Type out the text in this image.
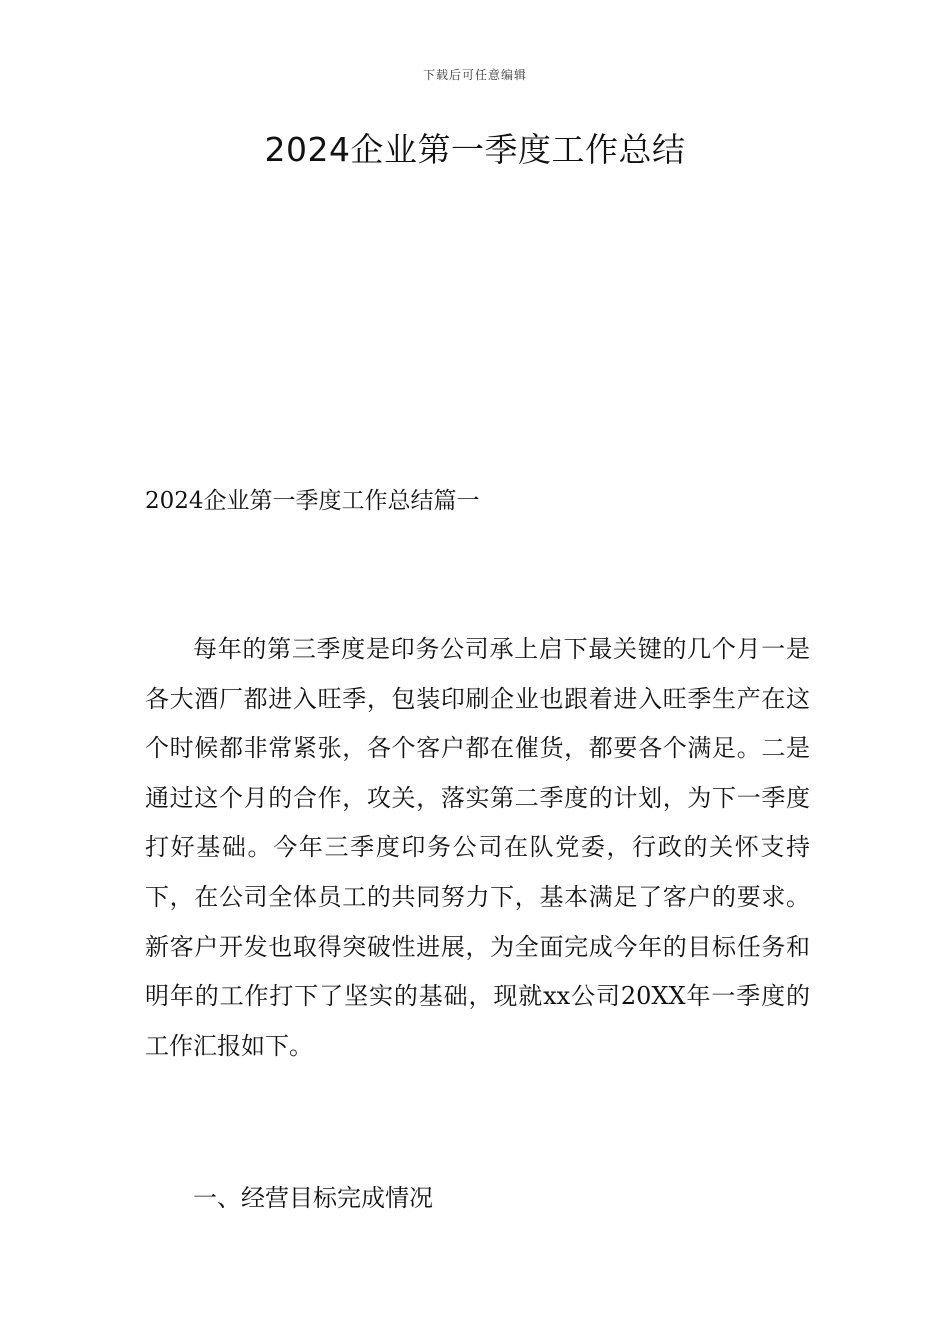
下载后可任意编辑
2024企业第一季度工作总结
2024企业第一季度工作总结篇一

每年的第三季度是印务公司承上启下最关键的几个月一是各大酒厂都进入旺季，包装印刷企业也跟着进入旺季生产在这个时候都非常紧张，各个客户都在催货，都要各个满足。二是通过这个月的合作，攻关，落实第二季度的计划，为下一季度打好基础。今年三季度印务公司在队党委，行政的关怀支持下，在公司全体员工的共同努力下，基本满足了客户的要求。新客户开发也取得突破性进展，为全面完成今年的目标任务和明年的工作打下了坚实的基础，现就xx公司20XX年一季度的工作汇报如下。

一、经营目标完成情况
